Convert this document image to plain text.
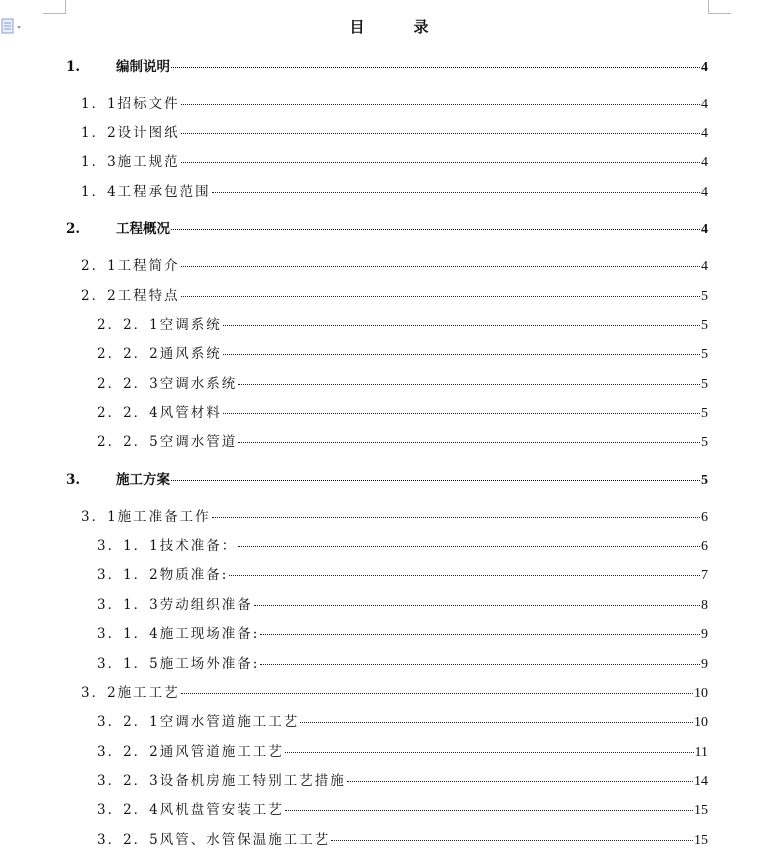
目	录
1.	编制说明	4
1．1招标文件	4
1．2设计图纸	4
1．3施工规范	4
1．4工程承包范围	4
2.	工程概况	4
2．1工程简介	4
2．2工程特点	5
2．2．1空调系统	5
2．2．2通风系统	5
2．2．3空调水系统	5
2．2．4风管材料	5
2．2．5空调水管道	5
3.	施工方案	5
3．1施工准备工作	6
3．1．1技术准备：	6
3．1．2物质准备:	7
3．1．3劳动组织准备	8
3．1．4施工现场准备:	9
3．1．5施工场外准备:	9
3．2施工工艺	10
3．2．1空调水管道施工工艺	10
3．2．2通风管道施工工艺	11
3．2．3设备机房施工特别工艺措施	14
3．2．4风机盘管安装工艺	15
3．2．5风管、水管保温施工工艺	15
